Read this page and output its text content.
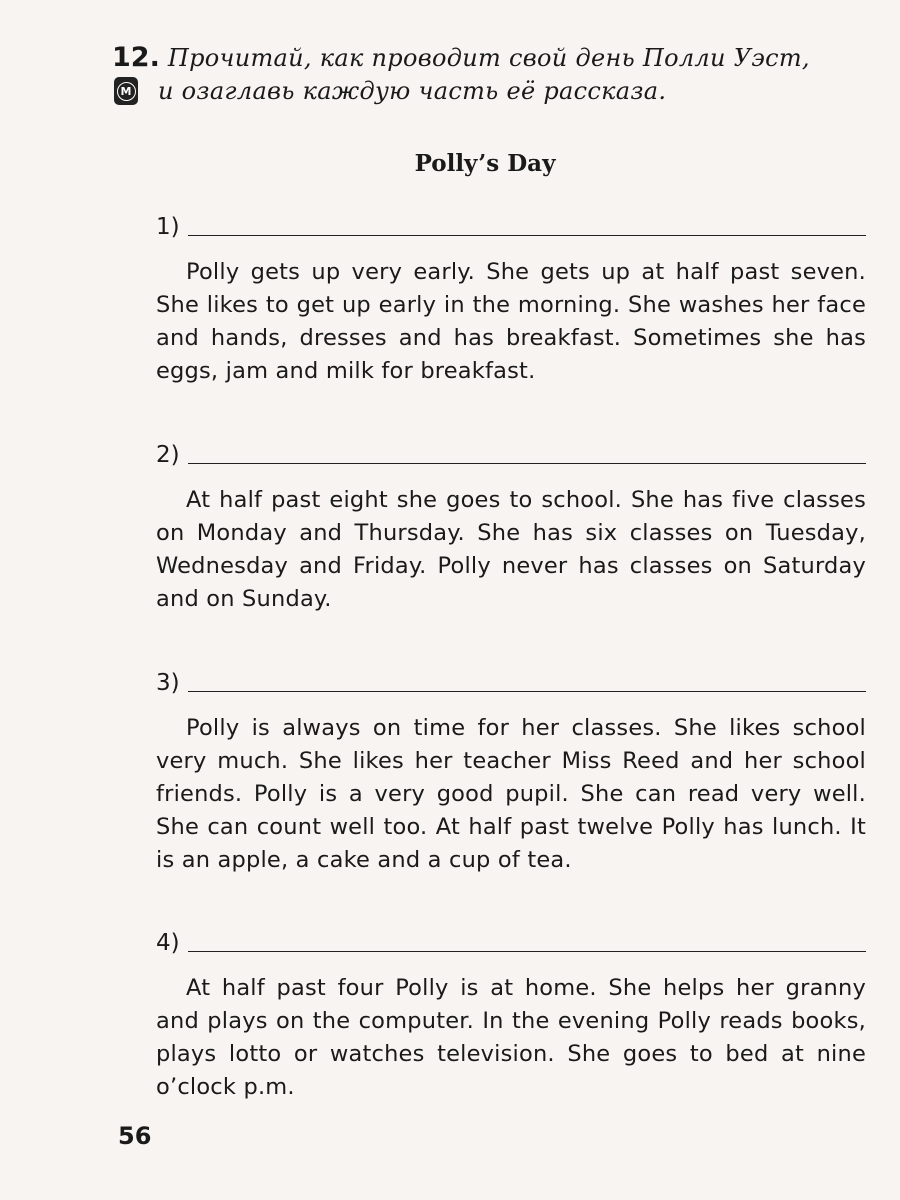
12. Прочитай, как проводит свой день Полли Уэст,
М и озаглавь каждую часть её рассказа.
Polly’s Day
1)
Polly gets up very early. She gets up at half past seven. She likes to get up early in the morning. She washes her face and hands, dresses and has breakfast. Sometimes she has eggs, jam and milk for breakfast.
2)
At half past eight she goes to school. She has five classes on Monday and Thursday. She has six classes on Tuesday, Wednesday and Friday. Polly never has classes on Saturday and on Sunday.
3)
Polly is always on time for her classes. She likes school very much. She likes her teacher Miss Reed and her school friends. Polly is a very good pupil. She can read very well. She can count well too. At half past twelve Polly has lunch. It is an apple, a cake and a cup of tea.
4)
At half past four Polly is at home. She helps her granny and plays on the computer. In the evening Polly reads books, plays lotto or watches television. She goes to bed at nine o’clock p.m.
56
